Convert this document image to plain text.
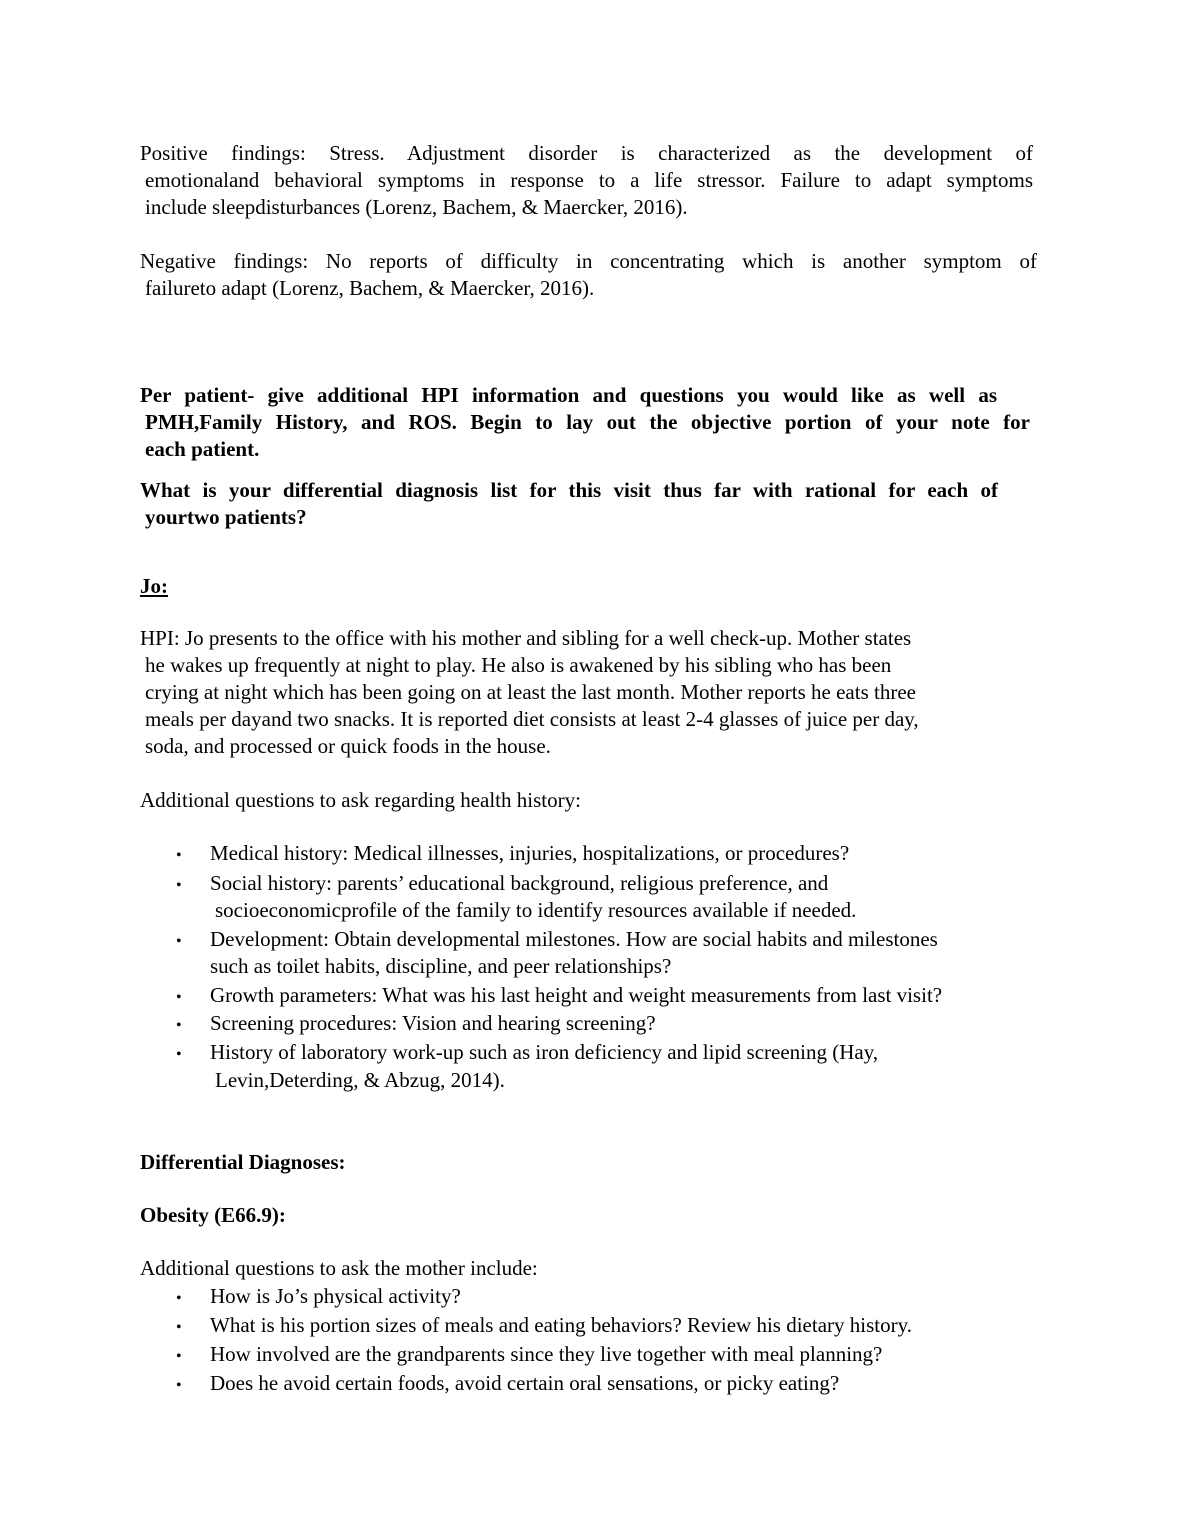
Positive findings: Stress. Adjustment disorder is characterized as the development of
emotionaland behavioral symptoms in response to a life stressor. Failure to adapt symptoms
include sleepdisturbances (Lorenz, Bachem, & Maercker, 2016).
Negative findings: No reports of difficulty in concentrating which is another symptom of
failureto adapt (Lorenz, Bachem, & Maercker, 2016).
Per patient- give additional HPI information and questions you would like as well as
PMH,Family History, and ROS. Begin to lay out the objective portion of your note for
each patient.
What is your differential diagnosis list for this visit thus far with rational for each of
yourtwo patients?
Jo:
HPI: Jo presents to the office with his mother and sibling for a well check-up. Mother states
he wakes up frequently at night to play. He also is awakened by his sibling who has been
crying at night which has been going on at least the last month. Mother reports he eats three
meals per dayand two snacks. It is reported diet consists at least 2-4 glasses of juice per day,
soda, and processed or quick foods in the house.
Additional questions to ask regarding health history:
• Medical history: Medical illnesses, injuries, hospitalizations, or procedures?
• Social history: parents’ educational background, religious preference, and
socioeconomicprofile of the family to identify resources available if needed.
• Development: Obtain developmental milestones. How are social habits and milestones
such as toilet habits, discipline, and peer relationships?
• Growth parameters: What was his last height and weight measurements from last visit?
• Screening procedures: Vision and hearing screening?
• History of laboratory work-up such as iron deficiency and lipid screening (Hay,
Levin,Deterding, & Abzug, 2014).
Differential Diagnoses:
Obesity (E66.9):
Additional questions to ask the mother include:
• How is Jo’s physical activity?
• What is his portion sizes of meals and eating behaviors? Review his dietary history.
• How involved are the grandparents since they live together with meal planning?
• Does he avoid certain foods, avoid certain oral sensations, or picky eating?
